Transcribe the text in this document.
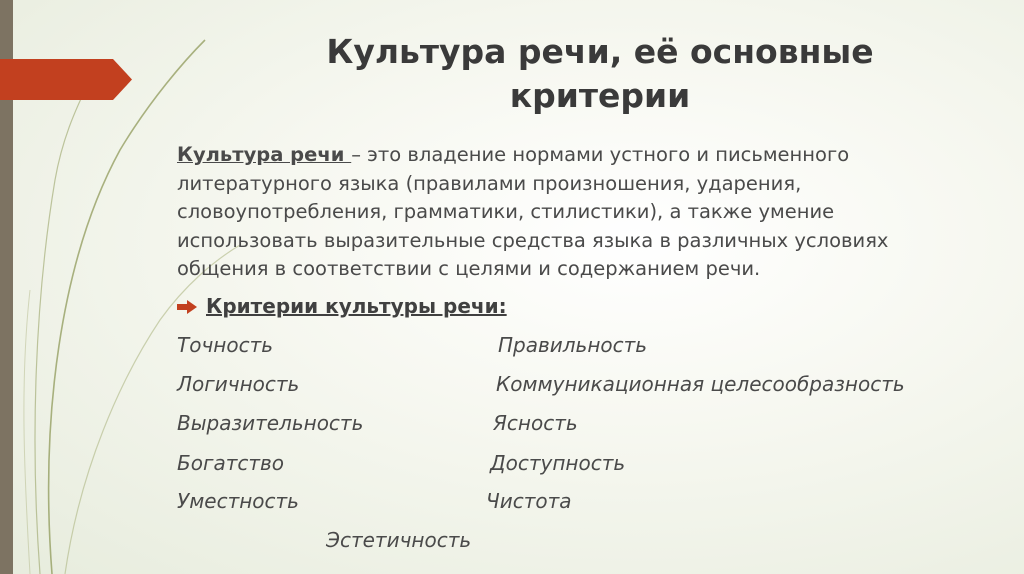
Культура речи, её основные критерии

Культура речи – это владение нормами устного и письменного литературного языка (правилами произношения, ударения, словоупотребления, грамматики, стилистики), а также умение использовать выразительные средства языка в различных условиях общения в соответствии с целями и содержанием речи.

Критерии культуры речи:
Точность
Логичность
Выразительность
Богатство
Уместность
Правильность
Коммуникационная целесообразность
Ясность
Доступность
Чистота
Эстетичность
